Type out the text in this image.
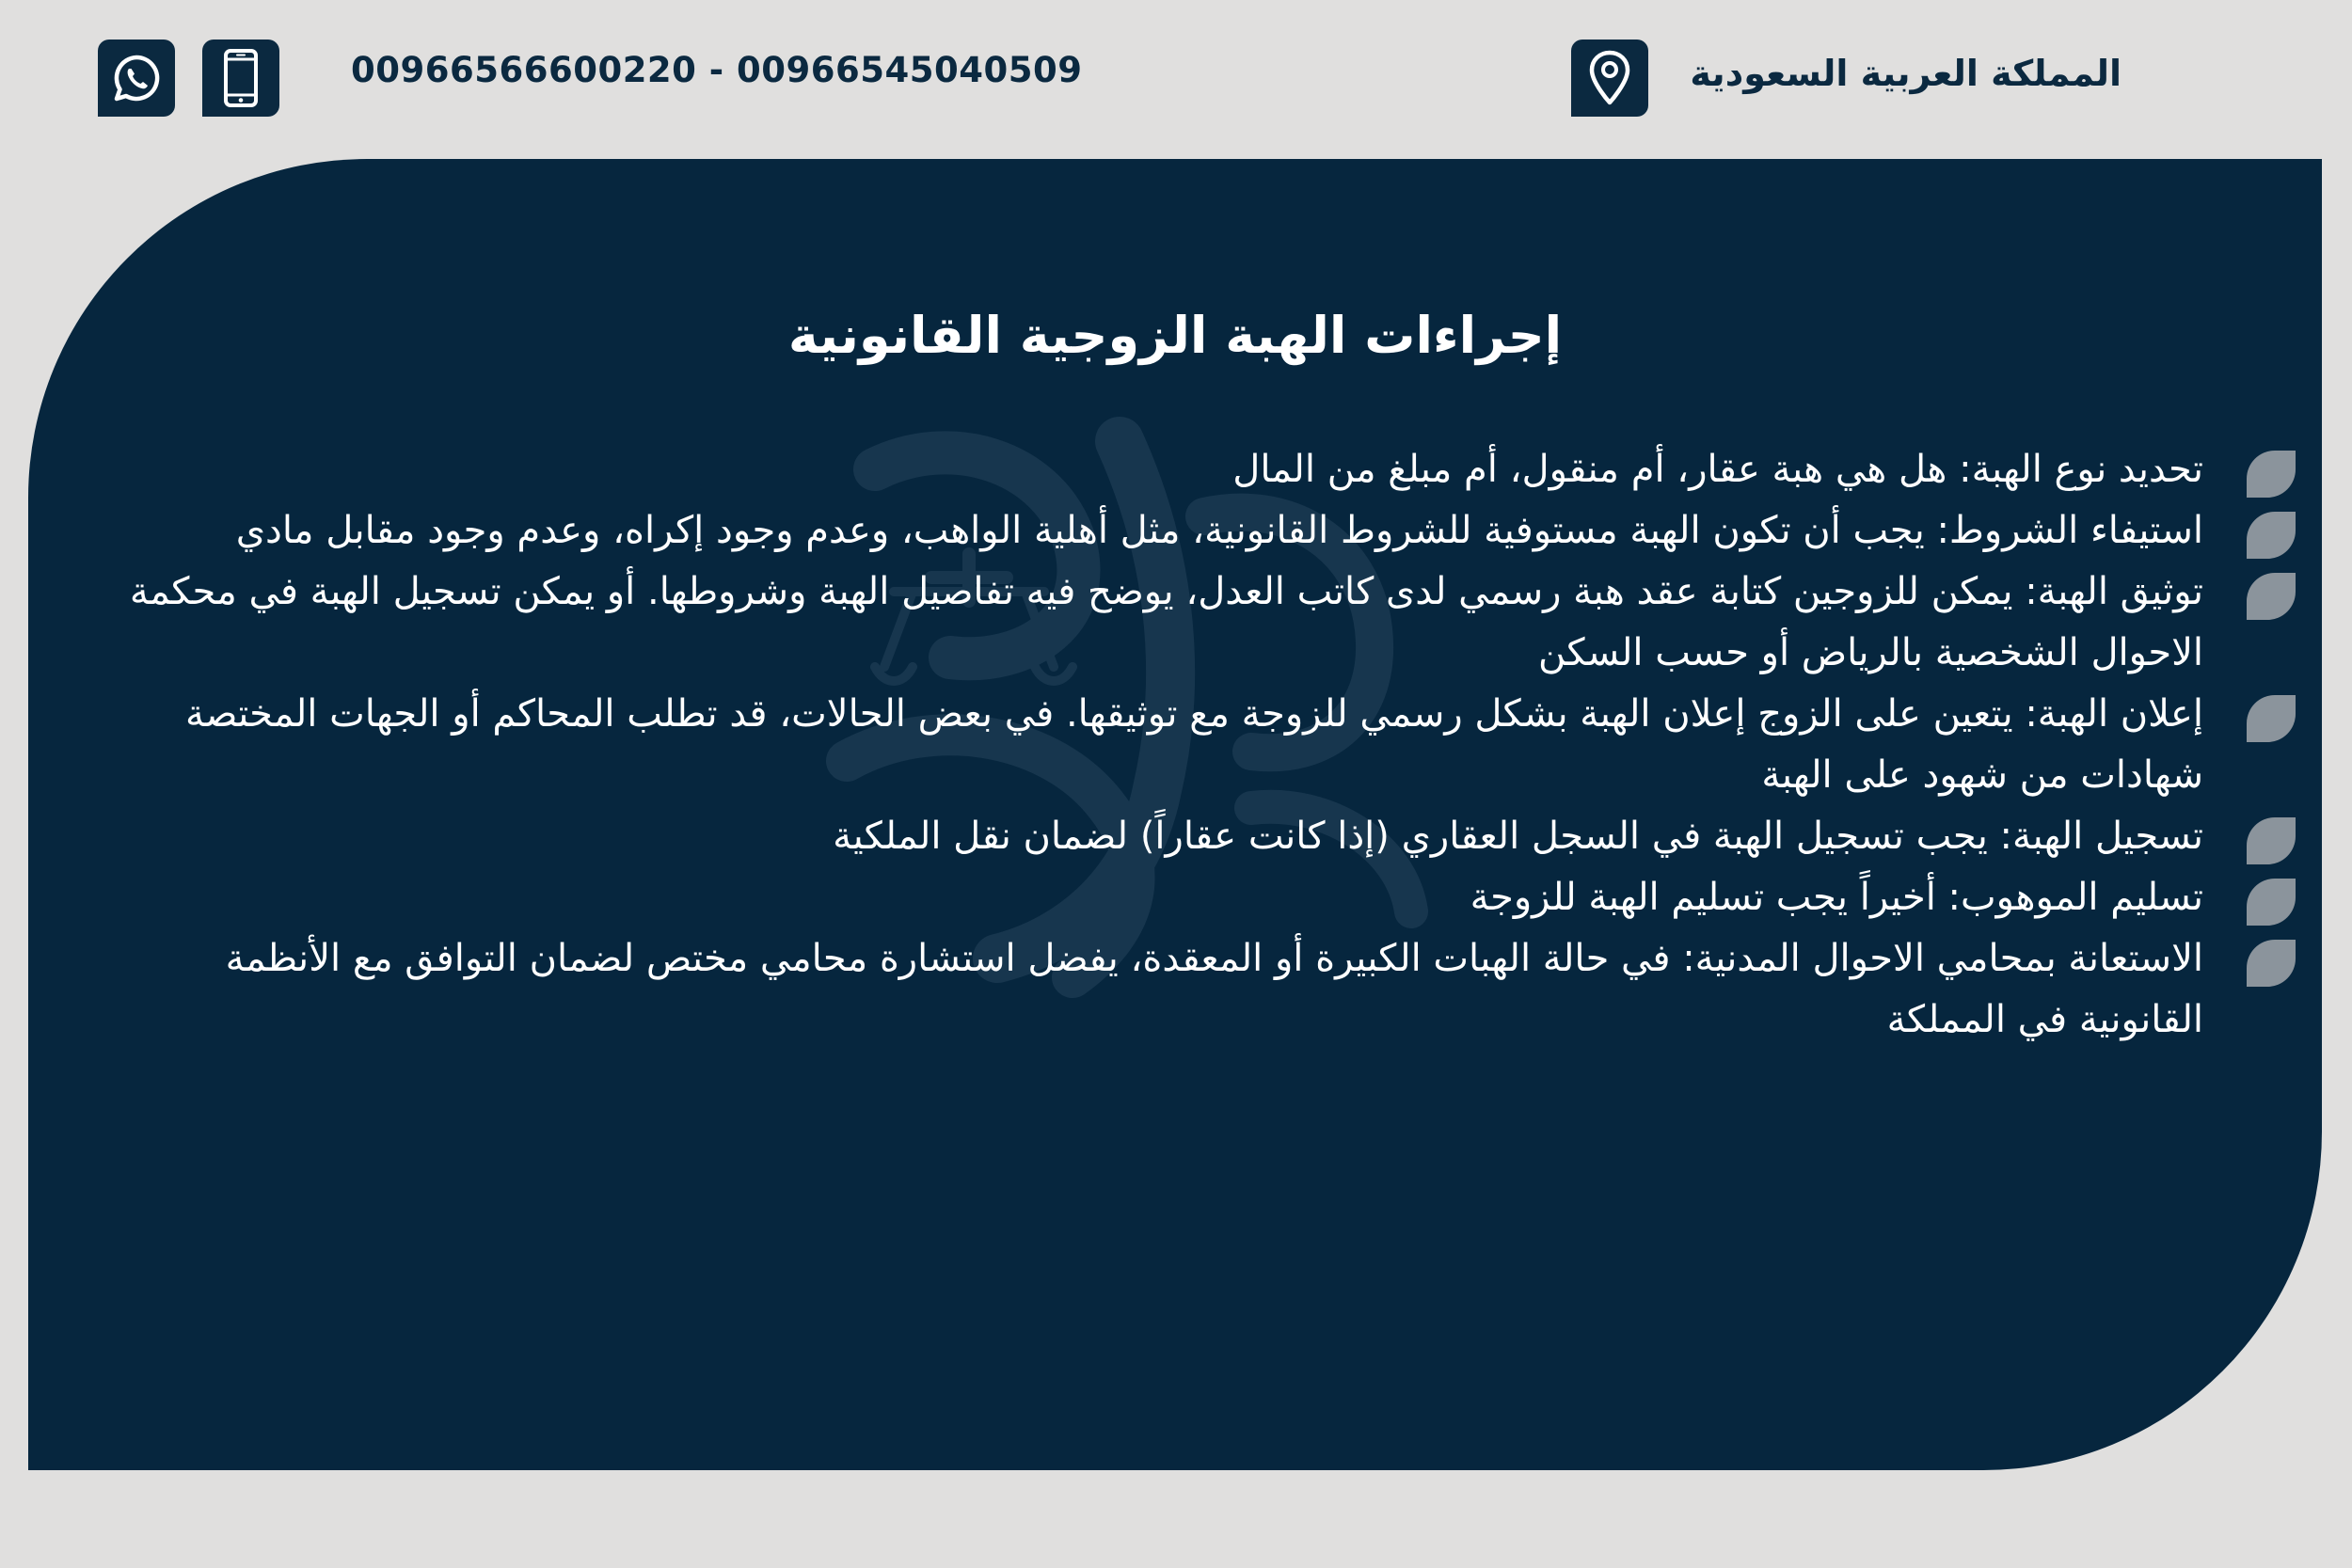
00966566600220 - 00966545040509	المملكة العربية السعودية
إجراءات الهبة الزوجية القانونية
تحديد نوع الهبة: هل هي هبة عقار، أم منقول، أم مبلغ من المال
استيفاء الشروط: يجب أن تكون الهبة مستوفية للشروط القانونية، مثل أهلية الواهب، وعدم وجود إكراه، وعدم وجود مقابل مادي
توثيق الهبة: يمكن للزوجين كتابة عقد هبة رسمي لدى كاتب العدل، يوضح فيه تفاصيل الهبة وشروطها. أو يمكن تسجيل الهبة في محكمة الاحوال الشخصية بالرياض أو حسب السكن
إعلان الهبة: يتعين على الزوج إعلان الهبة بشكل رسمي للزوجة مع توثيقها. في بعض الحالات، قد تطلب المحاكم أو الجهات المختصة شهادات من شهود على الهبة
تسجيل الهبة: يجب تسجيل الهبة في السجل العقاري (إذا كانت عقاراً) لضمان نقل الملكية
تسليم الموهوب: أخيراً يجب تسليم الهبة للزوجة
الاستعانة بمحامي الاحوال المدنية: في حالة الهبات الكبيرة أو المعقدة، يفضل استشارة محامي مختص لضمان التوافق مع الأنظمة القانونية في المملكة
